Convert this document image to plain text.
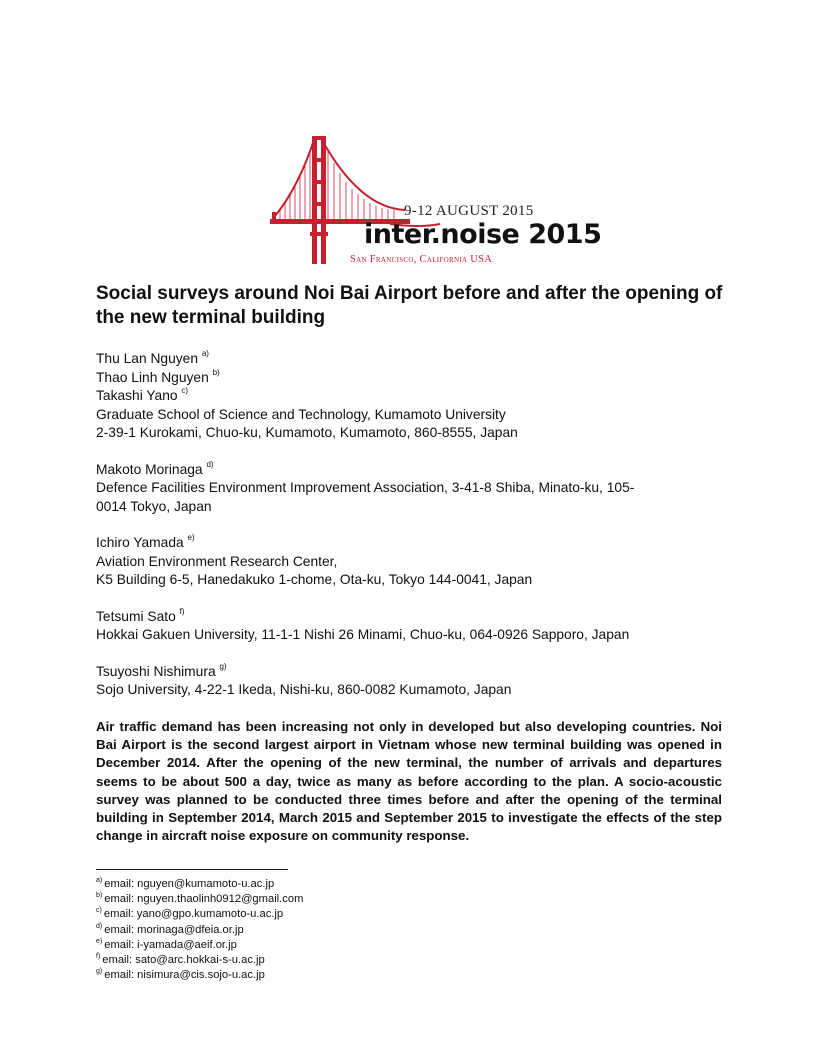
9-12 AUGUST 2015
inter.noise 2015
San Francisco, California USA
Social surveys around Noi Bai Airport before and after the opening of the new terminal building
Thu Lan Nguyen $^{a)}$
Thao Linh Nguyen $^{b)}$
Takashi Yano $^{c)}$
Graduate School of Science and Technology, Kumamoto University
2-39-1 Kurokami, Chuo-ku, Kumamoto, Kumamoto, 860-8555, Japan
Makoto Morinaga $^{d)}$
Defence Facilities Environment Improvement Association, 3-41-8 Shiba, Minato-ku, 105-
0014 Tokyo, Japan
Ichiro Yamada $^{e)}$
Aviation Environment Research Center,
K5 Building 6-5, Hanedakuko 1-chome, Ota-ku, Tokyo 144-0041, Japan
Tetsumi Sato $^{f)}$
Hokkai Gakuen University, 11-1-1 Nishi 26 Minami, Chuo-ku, 064-0926 Sapporo, Japan
Tsuyoshi Nishimura $^{g)}$
Sojo University, 4-22-1 Ikeda, Nishi-ku, 860-0082 Kumamoto, Japan
Air traffic demand has been increasing not only in developed but also developing countries. Noi Bai Airport is the second largest airport in Vietnam whose new terminal building was opened in December 2014. After the opening of the new terminal, the number of arrivals and departures seems to be about 500 a day, twice as many as before according to the plan. A socio-acoustic survey was planned to be conducted three times before and after the opening of the terminal building in September 2014, March 2015 and September 2015 to investigate the effects of the step change in aircraft noise exposure on community response.
$^{a)}$ email: nguyen@kumamoto-u.ac.jp
$^{b)}$ email: nguyen.thaolinh0912@gmail.com
$^{c)}$ email: yano@gpo.kumamoto-u.ac.jp
$^{d)}$ email: morinaga@dfeia.or.jp
$^{e)}$ email: i-yamada@aeif.or.jp
$^{f)}$ email: sato@arc.hokkai-s-u.ac.jp
$^{g)}$ email: nisimura@cis.sojo-u.ac.jp
